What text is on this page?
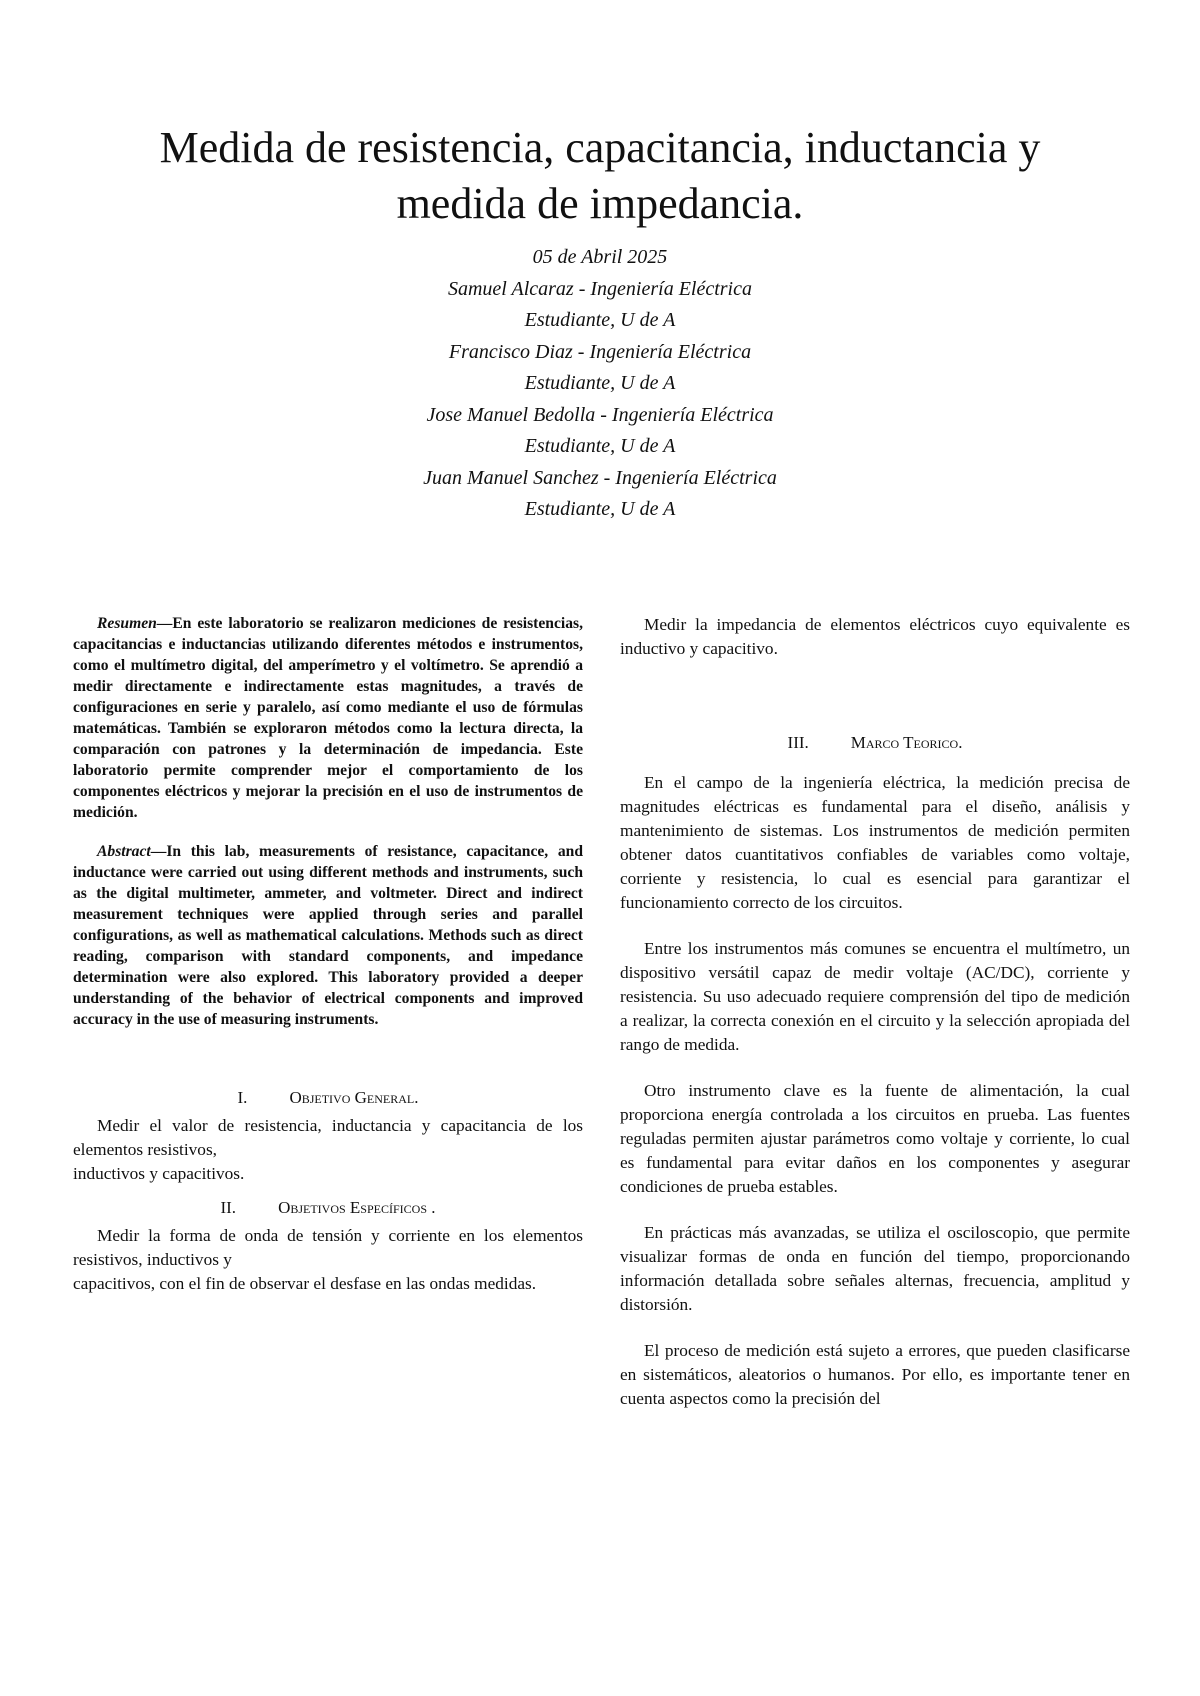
Medida de resistencia, capacitancia, inductancia y medida de impedancia.
05 de Abril 2025
Samuel Alcaraz - Ingeniería Eléctrica
Estudiante, U de A
Francisco Diaz - Ingeniería Eléctrica
Estudiante, U de A
Jose Manuel Bedolla - Ingeniería Eléctrica
Estudiante, U de A
Juan Manuel Sanchez - Ingeniería Eléctrica
Estudiante, U de A

Resumen—En este laboratorio se realizaron mediciones de resistencias, capacitancias e inductancias utilizando diferentes métodos e instrumentos, como el multímetro digital, del amperímetro y el voltímetro. Se aprendió a medir directamente e indirectamente estas magnitudes, a través de configuraciones en serie y paralelo, así como mediante el uso de fórmulas matemáticas. También se exploraron métodos como la lectura directa, la comparación con patrones y la determinación de impedancia. Este laboratorio permite comprender mejor el comportamiento de los componentes eléctricos y mejorar la precisión en el uso de instrumentos de medición.

Abstract—In this lab, measurements of resistance, capacitance, and inductance were carried out using different methods and instruments, such as the digital multimeter, ammeter, and voltmeter. Direct and indirect measurement techniques were applied through series and parallel configurations, as well as mathematical calculations. Methods such as direct reading, comparison with standard components, and impedance determination were also explored. This laboratory provided a deeper understanding of the behavior of electrical components and improved accuracy in the use of measuring instruments.

I. Objetivo General.

Medir el valor de resistencia, inductancia y capacitancia de los elementos resistivos,

inductivos y capacitivos.

II. Objetivos Específicos .

Medir la forma de onda de tensión y corriente en los elementos resistivos, inductivos y

capacitivos, con el fin de observar el desfase en las ondas medidas.

Medir la impedancia de elementos eléctricos cuyo equivalente es inductivo y capacitivo.

III. Marco Teorico.

En el campo de la ingeniería eléctrica, la medición precisa de magnitudes eléctricas es fundamental para el diseño, análisis y mantenimiento de sistemas. Los instrumentos de medición permiten obtener datos cuantitativos confiables de variables como voltaje, corriente y resistencia, lo cual es esencial para garantizar el funcionamiento correcto de los circuitos.

Entre los instrumentos más comunes se encuentra el multímetro, un dispositivo versátil capaz de medir voltaje (AC/DC), corriente y resistencia. Su uso adecuado requiere comprensión del tipo de medición a realizar, la correcta conexión en el circuito y la selección apropiada del rango de medida.

Otro instrumento clave es la fuente de alimentación, la cual proporciona energía controlada a los circuitos en prueba. Las fuentes reguladas permiten ajustar parámetros como voltaje y corriente, lo cual es fundamental para evitar daños en los componentes y asegurar condiciones de prueba estables.

En prácticas más avanzadas, se utiliza el osciloscopio, que permite visualizar formas de onda en función del tiempo, proporcionando información detallada sobre señales alternas, frecuencia, amplitud y distorsión.

El proceso de medición está sujeto a errores, que pueden clasificarse en sistemáticos, aleatorios o humanos. Por ello, es importante tener en cuenta aspectos como la precisión del
